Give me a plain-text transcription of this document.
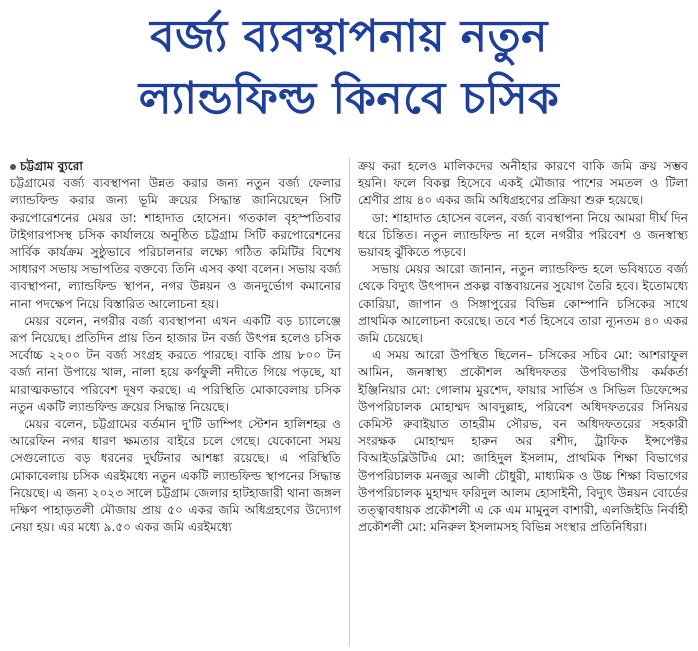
বর্জ্য ব্যবস্থাপনায় নতুন
ল্যান্ডফিল্ড কিনবে চসিক

চট্টগ্রাম ব্যুরো

চট্টগ্রামের বর্জ্য ব্যবস্থাপনা উন্নত করার জন্য নতুন বর্জ্য ফেলার ল্যান্ডফিল্ড করার জন্য ভূমি ক্রয়ের সিদ্ধান্ত জানিয়েছেন সিটি করপোরেশনের মেয়র ডা: শাহাদাত হোসেন। গতকাল বৃহস্পতিবার টাইগারপাসস্থ চসিক কার্যালয়ে অনুষ্ঠিত চট্টগ্রাম সিটি করপোরেশনের সার্বিক কার্যক্রম সুষ্ঠুভাবে পরিচালনার লক্ষ্যে গঠিত কমিটির বিশেষ সাধারণ সভায় সভাপতির বক্তব্যে তিনি এসব কথা বলেন। সভায় বর্জ্য ব্যবস্থাপনা, ল্যান্ডফিল্ড স্থাপন, নগর উন্নয়ন ও জনদুর্ভোগ কমানোর নানা পদক্ষেপ নিয়ে বিস্তারিত আলোচনা হয়।

মেয়র বলেন, নগরীর বর্জ্য ব্যবস্থাপনা এখন একটি বড় চ্যালেঞ্জে রূপ নিয়েছে। প্রতিদিন প্রায় তিন হাজার টন বর্জ্য উৎপন্ন হলেও চসিক সর্বোচ্চ ২২০০ টন বর্জ্য সংগ্রহ করতে পারছে। বাকি প্রায় ৮০০ টন বর্জ্য নানা উপায়ে খাল, নালা হয়ে কর্ণফুলী নদীতে গিয়ে পড়ছে, যা মারাত্মকভাবে পরিবেশ দূষণ করছে। এ পরিস্থিতি মোকাবেলায় চসিক নতুন একটি ল্যান্ডফিল্ড ক্রয়ের সিদ্ধান্ত নিয়েছে।

মেয়র বলেন, চট্টগ্রামের বর্তমান দু'টি ডাম্পিং স্টেশন হালিশহর ও আরেফিন নগর ধারণ ক্ষমতার বাইরে চলে গেছে। যেকোনো সময় সেগুলোতে বড় ধরনের দুর্ঘটনার আশঙ্কা রয়েছে। এ পরিস্থিতি মোকাবেলায় চসিক এরইমধ্যে নতুন একটি ল্যান্ডফিল্ড স্থাপনের সিদ্ধান্ত নিয়েছে। এ জন্য ২০২৩ সালে চট্টগ্রাম জেলার হাটহাজারী থানা জঙ্গল দক্ষিণ পাহাড়তলী মৌজায় প্রায় ৫০ একর জমি অধিগ্রহণের উদ্যোগ নেয়া হয়। এর মধ্যে ৯.৫০ একর জমি এরইমধ্যে

ক্রয় করা হলেও মালিকদের অনীহার কারণে বাকি জমি ক্রয় সম্ভব হয়নি। ফলে বিকল্প হিসেবে একই মৌজার পাশের সমতল ও টিলা শ্রেণীর প্রায় ৪০ একর জমি অধিগ্রহণের প্রক্রিয়া শুরু হয়েছে।

ডা: শাহাদাত হোসেন বলেন, বর্জ্য ব্যবস্থাপনা নিয়ে আমরা দীর্ঘ দিন ধরে চিন্তিত। নতুন ল্যান্ডফিল্ড না হলে নগরীর পরিবেশ ও জনস্বাস্থ্য ভয়াবহ ঝুঁকিতে পড়বে।

সভায় মেয়র আরো জানান, নতুন ল্যান্ডফিল্ড হলে ভবিষ্যতে বর্জ্য থেকে বিদ্যুৎ উৎপাদন প্রকল্প বাস্তবায়নের সুযোগ তৈরি হবে। ইতোমধ্যে কোরিয়া, জাপান ও সিঙ্গাপুরের বিভিন্ন কোম্পানি চসিকের সাথে প্রাথমিক আলোচনা করেছে। তবে শর্ত হিসেবে তারা ন্যূনতম ৪০ একর জমি চেয়েছে।

এ সময় আরো উপস্থিত ছিলেন– চসিকের সচিব মো: আশরাফুল আমিন, জনস্বাস্থ্য প্রকৌশল অধিদফতর উপবিভাগীয় কর্মকর্তা ইঞ্জিনিয়ার মো: গোলাম মুরশেদ, ফায়ার সার্ভিস ও সিভিল ডিফেন্সের উপপরিচালক মোহাম্মদ আবদুল্লাহ, পরিবেশ অধিদফতরের সিনিয়র কেমিস্ট রুবাইয়াত তাহরীম সৌরভ, বন অধিদফতরের সহকারী সংরক্ষক মোহাম্মদ হারুন অর রশীদ, ট্রাফিক ইন্সপেক্টর বিআইডব্লিউটিএ মো: জাহিদুল ইসলাম, প্রাথমিক শিক্ষা বিভাগের উপপরিচালক মনজুর আলী চৌধুরী, মাধ্যমিক ও উচ্চ শিক্ষা বিভাগের উপপরিচালক মুহাম্মদ ফরিদুল আলম হোসাইনী, বিদ্যুৎ উন্নয়ন বোর্ডের তত্ত্বাবধায়ক প্রকৌশলী এ কে এম মামুনুল বাশারী, এলজিইডি নির্বাহী প্রকৌশলী মো: মনিরুল ইসলামসহ বিভিন্ন সংস্থার প্রতিনিধিরা।
